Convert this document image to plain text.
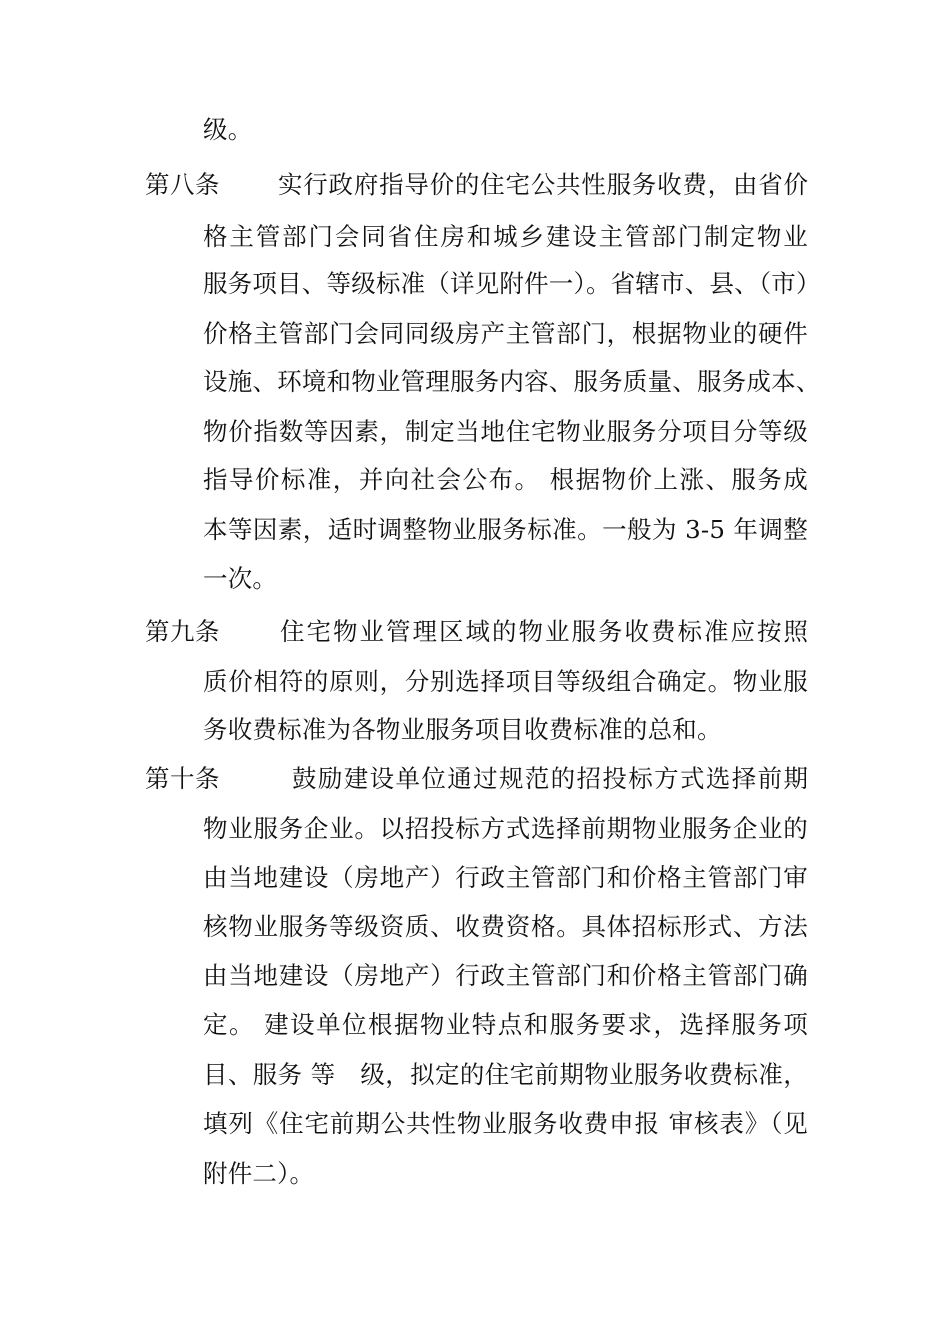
级。
第八条 实行政府指导价的住宅公共性服务收费，由省价
格主管部门会同省住房和城乡建设主管部门制定物业
服务项目、等级标准（详见附件一）。省辖市、县、（市）
价格主管部门会同同级房产主管部门，根据物业的硬件
设施、环境和物业管理服务内容、服务质量、服务成本、
物价指数等因素，制定当地住宅物业服务分项目分等级
指导价标准，并向社会公布。 根据物价上涨、服务成
本等因素，适时调整物业服务标准。一般为 3-5 年调整
一次。
第九条 住宅物业管理区域的物业服务收费标准应按照
质价相符的原则，分别选择项目等级组合确定。物业服
务收费标准为各物业服务项目收费标准的总和。
第十条	鼓励建设单位通过规范的招投标方式选择前期
物业服务企业。以招投标方式选择前期物业服务企业的
由当地建设（房地产）行政主管部门和价格主管部门审
核物业服务等级资质、收费资格。具体招标形式、方法
由当地建设（房地产）行政主管部门和价格主管部门确
定。 建设单位根据物业特点和服务要求，选择服务项
目、服务 等　级，拟定的住宅前期物业服务收费标准，
填列《住宅前期公共性物业服务收费申报 审核表》（见
附件二）。
